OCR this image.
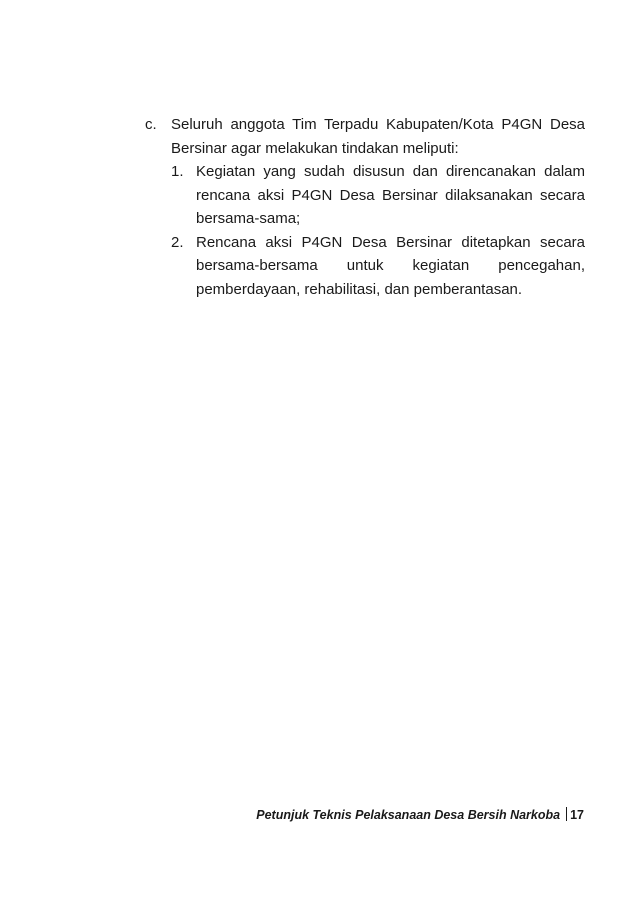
c. Seluruh anggota Tim Terpadu Kabupaten/Kota P4GN Desa Bersinar agar melakukan tindakan meliputi:
1. Kegiatan yang sudah disusun dan direncanakan dalam rencana aksi P4GN Desa Bersinar dilaksanakan secara bersama-sama;
2. Rencana aksi P4GN Desa Bersinar ditetapkan secara bersama-bersama untuk kegiatan pencegahan,
pemberdayaan, rehabilitasi, dan pemberantasan.
Petunjuk Teknis Pelaksanaan Desa Bersih Narkoba 17
